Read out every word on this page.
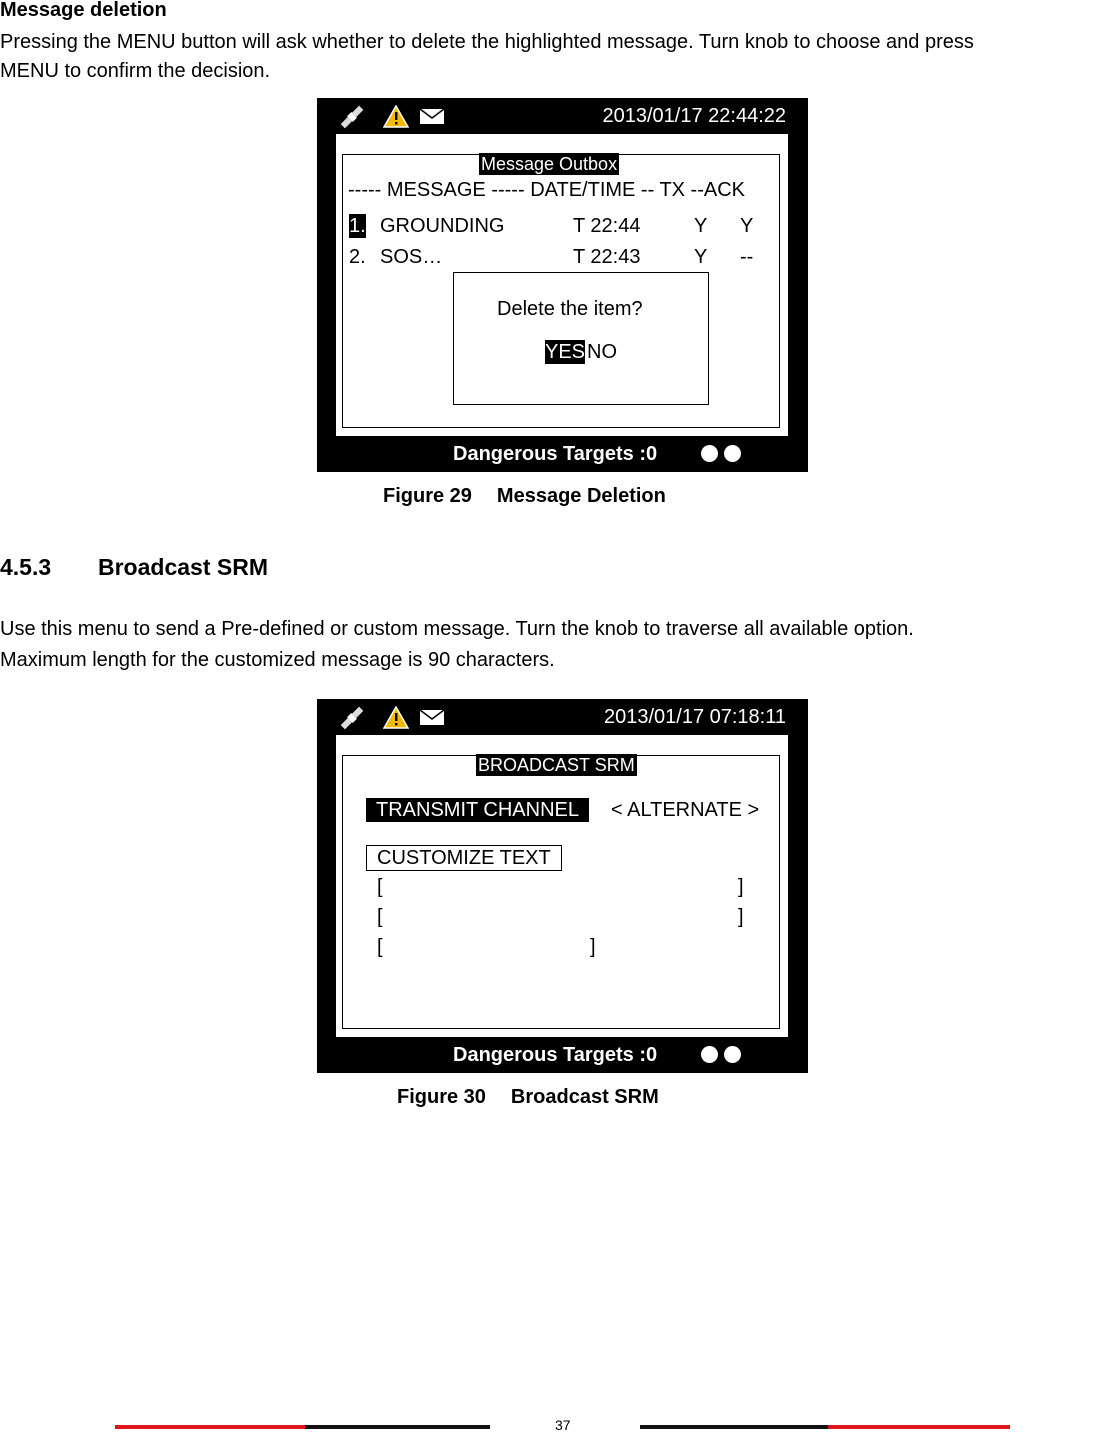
Message deletion

Pressing the MENU button will ask whether to delete the highlighted message. Turn knob to choose and press

MENU to confirm the decision.

2013/01/17 22:44:22
Message Outbox
----- MESSAGE ----- DATE/TIME -- TX --ACK
1. GROUNDING	T 22:44	Y Y
2. SOS…	T 22:43	Y --
Delete the item?
YES NO
Dangerous Targets :0
Figure 29 Message Deletion
4.5.3 Broadcast SRM

Use this menu to send a Pre-defined or custom message. Turn the knob to traverse all available option.

Maximum length for the customized message is 90 characters.

2013/01/17 07:18:11
BROADCAST SRM
TRANSMIT CHANNEL	< ALTERNATE >
CUSTOMIZE TEXT
[	]
[	]
[	]
Dangerous Targets :0
Figure 30 Broadcast SRM
37
